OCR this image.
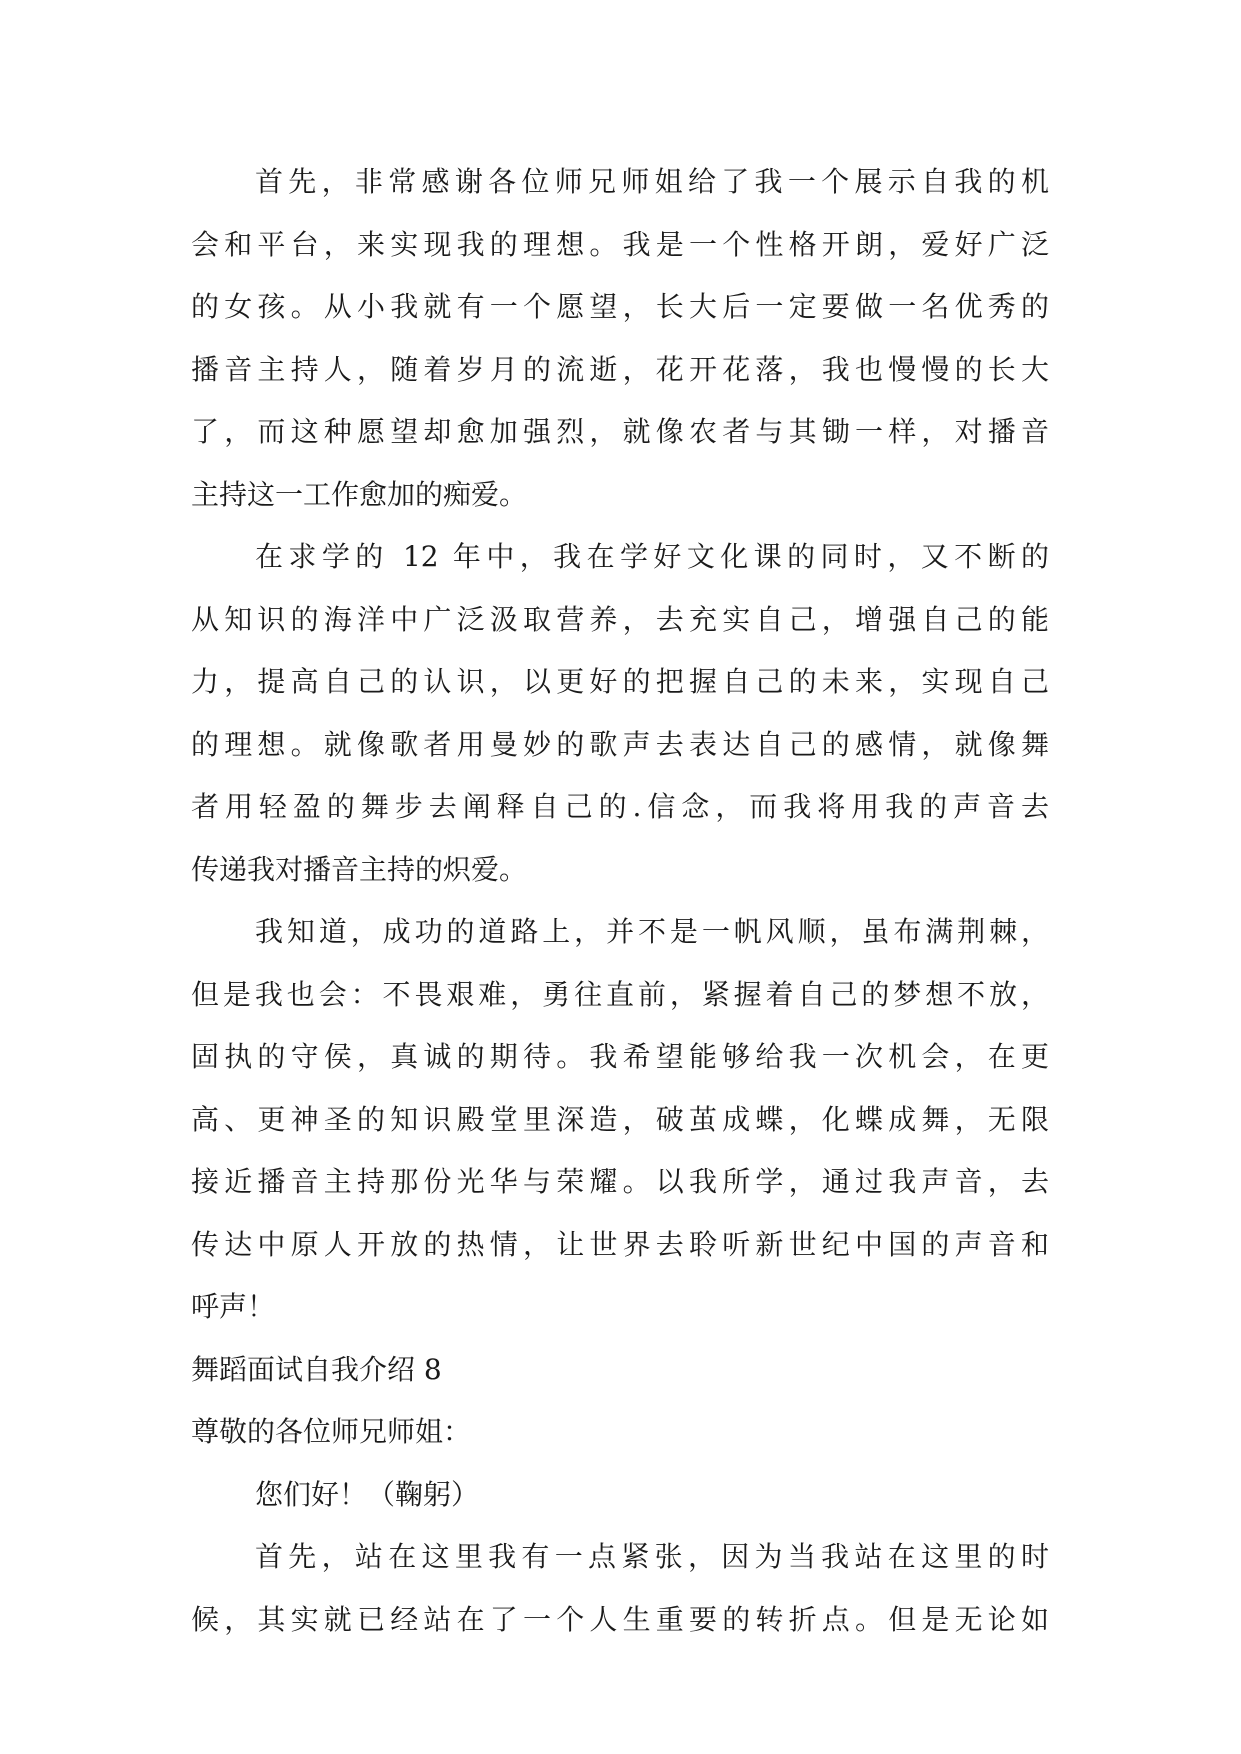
首先，非常感谢各位师兄师姐给了我一个展示自我的机
会和平台，来实现我的理想。我是一个性格开朗，爱好广泛
的女孩。从小我就有一个愿望，长大后一定要做一名优秀的
播音主持人，随着岁月的流逝，花开花落，我也慢慢的长大
了，而这种愿望却愈加强烈，就像农者与其锄一样，对播音
主持这一工作愈加的痴爱。
在求学的 12 年中，我在学好文化课的同时，又不断的
从知识的海洋中广泛汲取营养，去充实自己，增强自己的能
力，提高自己的认识，以更好的把握自己的未来，实现自己
的理想。就像歌者用曼妙的歌声去表达自己的感情，就像舞
者用轻盈的舞步去阐释自己的.信念，而我将用我的声音去
传递我对播音主持的炽爱。
我知道，成功的道路上，并不是一帆风顺，虽布满荆棘，
但是我也会：不畏艰难，勇往直前，紧握着自己的梦想不放，
固执的守侯，真诚的期待。我希望能够给我一次机会，在更
高、更神圣的知识殿堂里深造，破茧成蝶，化蝶成舞，无限
接近播音主持那份光华与荣耀。以我所学，通过我声音，去
传达中原人开放的热情，让世界去聆听新世纪中国的声音和
呼声！
舞蹈面试自我介绍 8
尊敬的各位师兄师姐：
您们好！（鞠躬）
首先，站在这里我有一点紧张，因为当我站在这里的时
候，其实就已经站在了一个人生重要的转折点。但是无论如
